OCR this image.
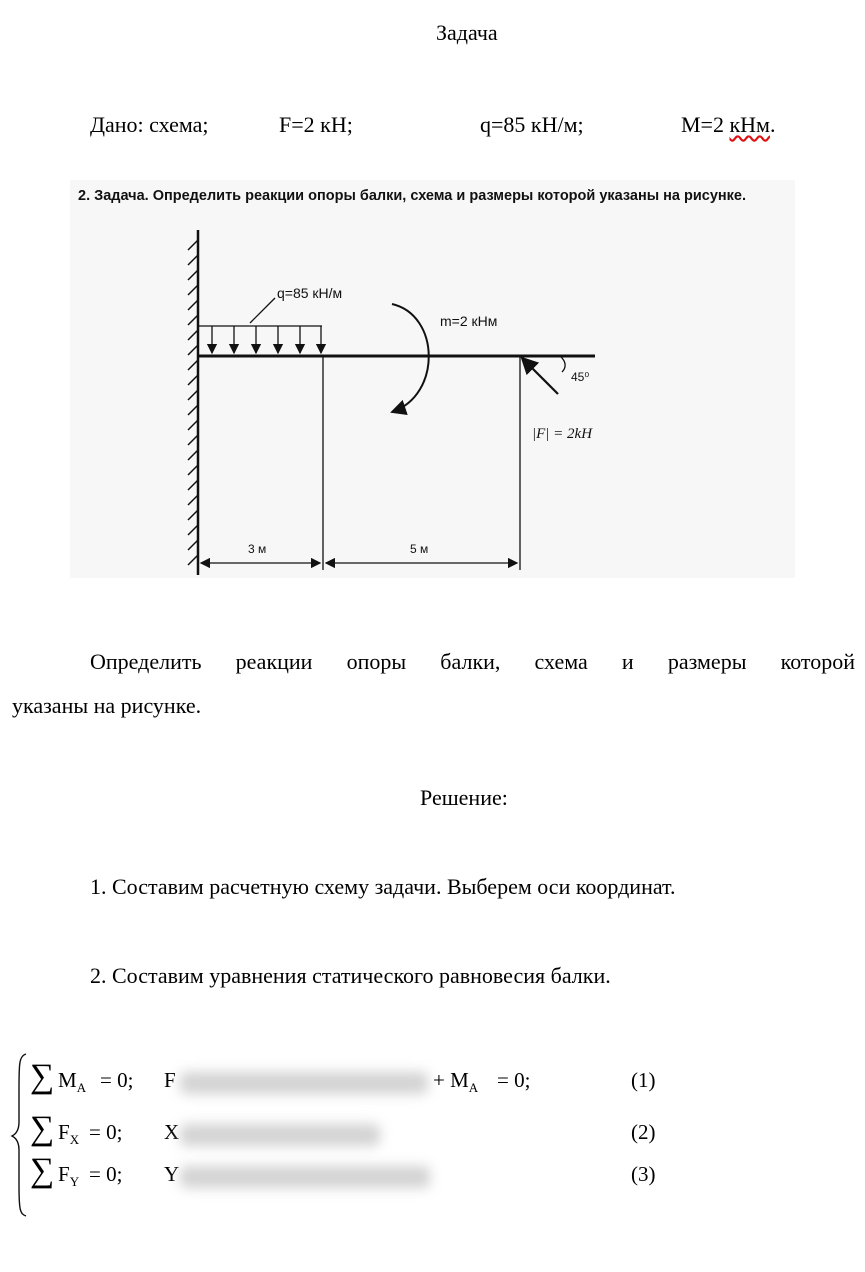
Задача
Дано: схема;	F=2 кН;	q=85 кН/м;	М=2 кНм.
2. Задача. Определить реакции опоры балки, схема и размеры которой указаны на рисунке.
q=85 кН/м
m=2 кНм
45⁰
|F| = 2kH
3 м	5 м
Определить реакции опоры балки, схема и размеры которой
указаны на рисунке.
Решение:
1. Составим расчетную схему задачи. Выберем оси координат.
2. Составим уравнения статического равновесия балки.
∑ $M_A = 0$; F	+ $M_A = 0$;	(1)
∑ $F_X = 0$; X	(2)
∑ $F_Y = 0$; Y	(3)
